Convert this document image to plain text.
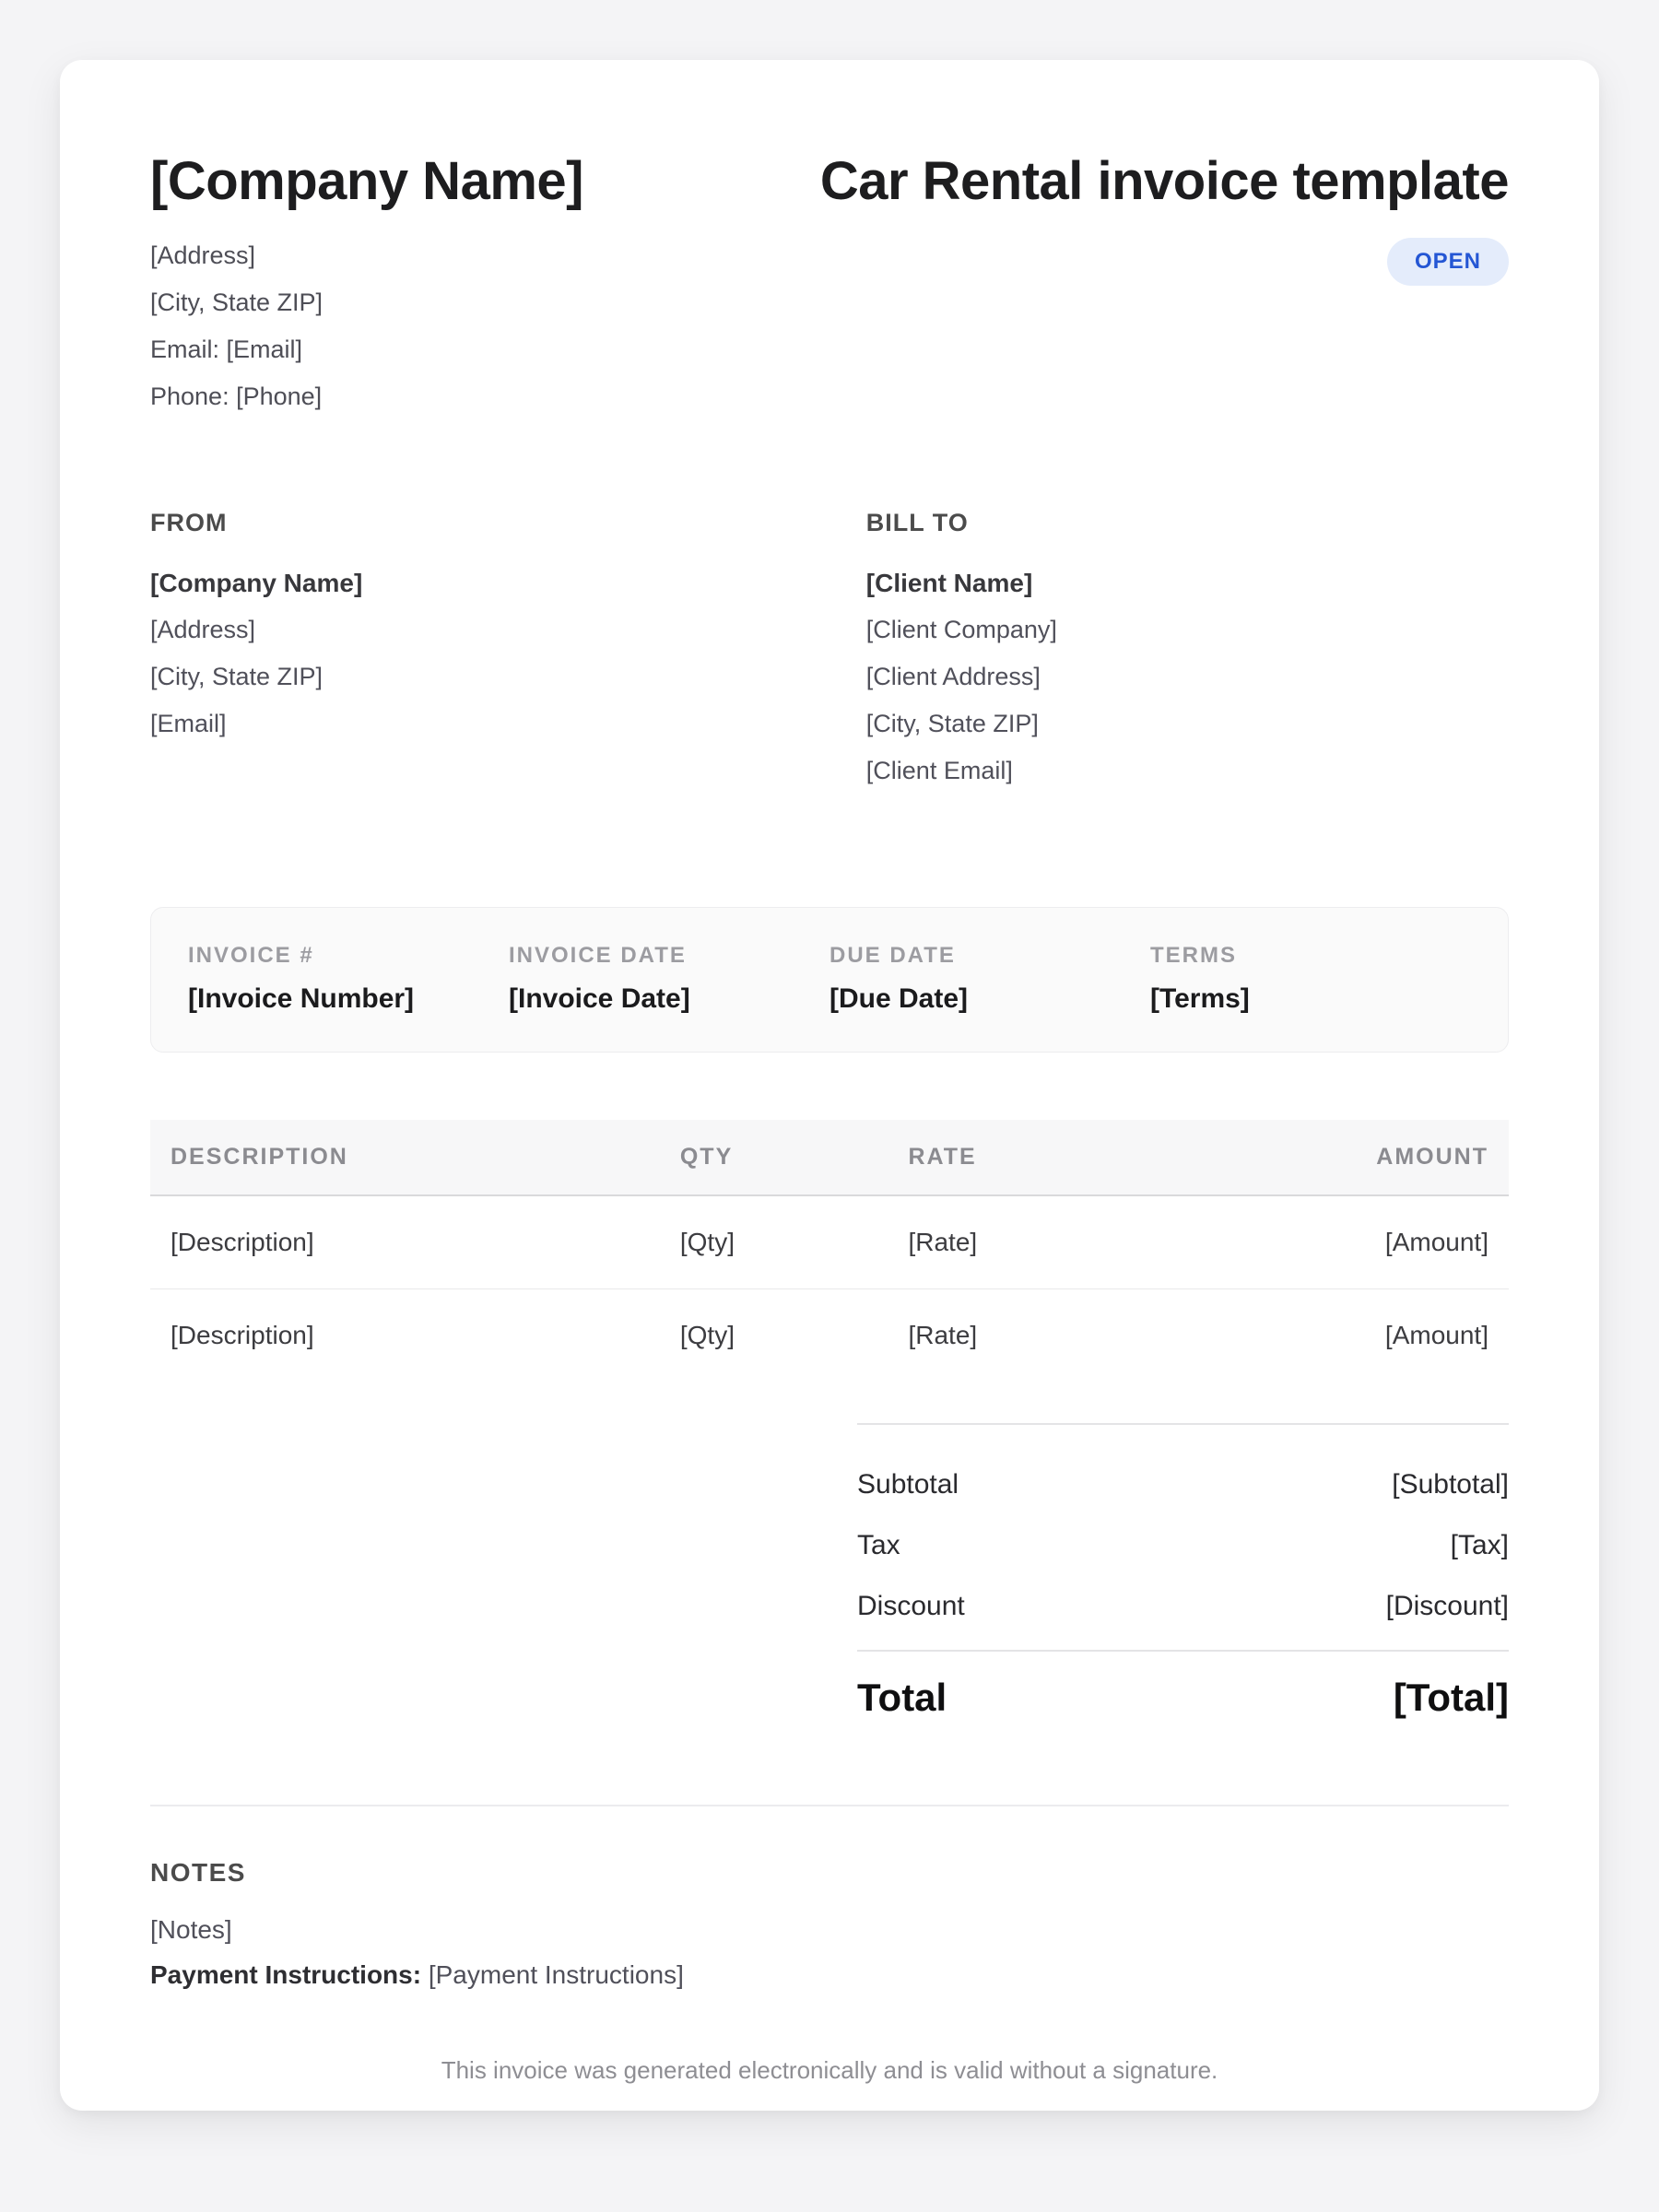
[Company Name]
[Address]
[City, State ZIP]
Email: [Email]
Phone: [Phone]
Car Rental invoice template
OPEN
FROM
[Company Name]
[Address]
[City, State ZIP]
[Email]
BILL TO
[Client Name]
[Client Company]
[Client Address]
[City, State ZIP]
[Client Email]
INVOICE #
[Invoice Number]
INVOICE DATE
[Invoice Date]
DUE DATE
[Due Date]
TERMS
[Terms]
DESCRIPTION	QTY	RATE	AMOUNT
[Description]	[Qty]	[Rate]	[Amount]
[Description]	[Qty]	[Rate]	[Amount]
Subtotal	[Subtotal]
Tax	[Tax]
Discount	[Discount]
Total	[Total]
NOTES
[Notes]
Payment Instructions: [Payment Instructions]
This invoice was generated electronically and is valid without a signature.
